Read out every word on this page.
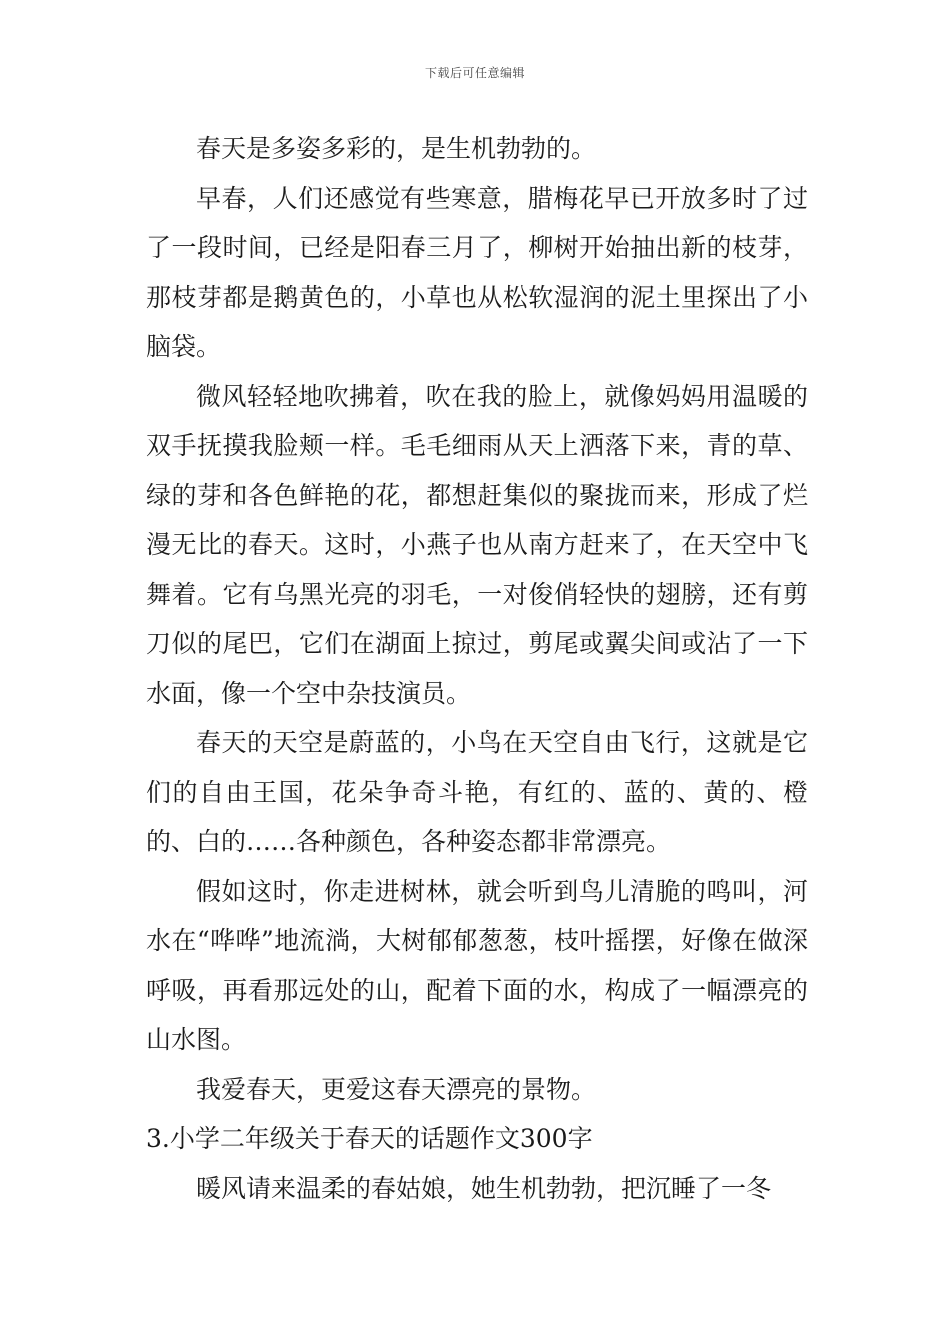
下载后可任意编辑

春天是多姿多彩的，是生机勃勃的。

早春，人们还感觉有些寒意，腊梅花早已开放多时了过了一段时间，已经是阳春三月了，柳树开始抽出新的枝芽，那枝芽都是鹅黄色的，小草也从松软湿润的泥土里探出了小脑袋。

微风轻轻地吹拂着，吹在我的脸上，就像妈妈用温暖的双手抚摸我脸颊一样。毛毛细雨从天上洒落下来，青的草、绿的芽和各色鲜艳的花，都想赶集似的聚拢而来，形成了烂漫无比的春天。这时，小燕子也从南方赶来了，在天空中飞舞着。它有乌黑光亮的羽毛，一对俊俏轻快的翅膀，还有剪刀似的尾巴，它们在湖面上掠过，剪尾或翼尖间或沾了一下水面，像一个空中杂技演员。

春天的天空是蔚蓝的，小鸟在天空自由飞行，这就是它们的自由王国，花朵争奇斗艳，有红的、蓝的、黄的、橙的、白的……各种颜色，各种姿态都非常漂亮。

假如这时，你走进树林，就会听到鸟儿清脆的鸣叫，河水在“哗哗”地流淌，大树郁郁葱葱，枝叶摇摆，好像在做深呼吸，再看那远处的山，配着下面的水，构成了一幅漂亮的山水图。

我爱春天，更爱这春天漂亮的景物。

3.小学二年级关于春天的话题作文300字

暖风请来温柔的春姑娘，她生机勃勃，把沉睡了一冬
